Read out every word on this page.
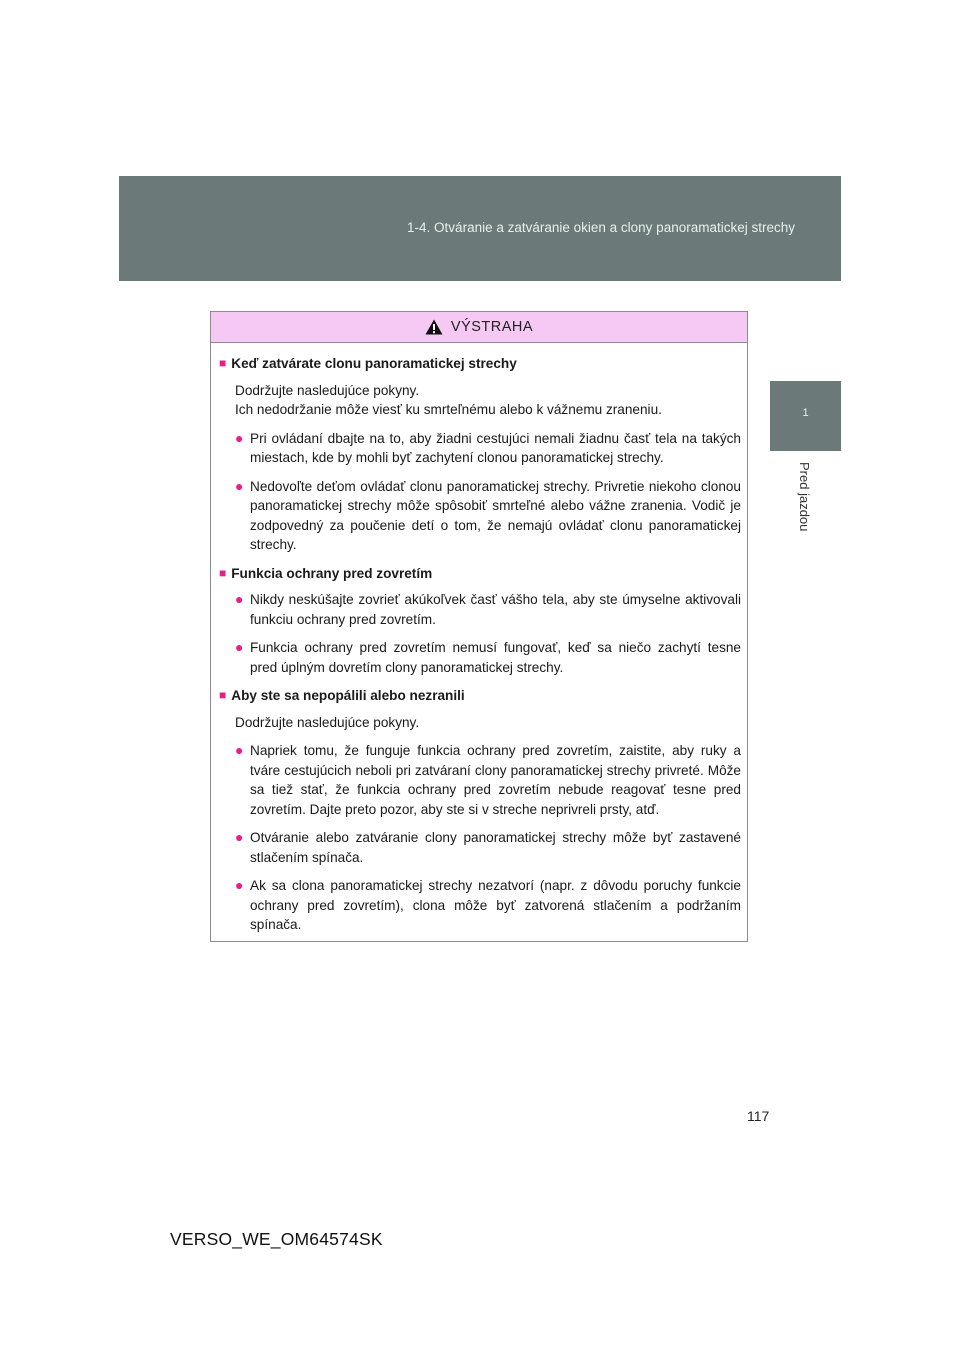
1-4. Otváranie a zatváranie okien a clony panoramatickej strechy
1
Pred jazdou
VÝSTRAHA
■ Keď zatvárate clonu panoramatickej strechy
Dodržujte nasledujúce pokyny.
Ich nedodržanie môže viesť ku smrteľnému alebo k vážnemu zraneniu.
● Pri ovládaní dbajte na to, aby žiadni cestujúci nemali žiadnu časť tela na takých miestach, kde by mohli byť zachytení clonou panoramatickej strechy.
● Nedovoľte deťom ovládať clonu panoramatickej strechy. Privretie niekoho clonou panoramatickej strechy môže spôsobiť smrteľné alebo vážne zranenia. Vodič je zodpovedný za poučenie detí o tom, že nemajú ovládať clonu panoramatickej strechy.
■ Funkcia ochrany pred zovretím
● Nikdy neskúšajte zovrieť akúkoľvek časť vášho tela, aby ste úmyselne aktivovali funkciu ochrany pred zovretím.
● Funkcia ochrany pred zovretím nemusí fungovať, keď sa niečo zachytí tesne pred úplným dovretím clony panoramatickej strechy.
■ Aby ste sa nepopálili alebo nezranili
Dodržujte nasledujúce pokyny.
● Napriek tomu, že funguje funkcia ochrany pred zovretím, zaistite, aby ruky a tváre cestujúcich neboli pri zatváraní clony panoramatickej strechy privreté. Môže sa tiež stať, že funkcia ochrany pred zovretím nebude reagovať tesne pred zovretím. Dajte preto pozor, aby ste si v streche neprivreli prsty, atď.
● Otváranie alebo zatváranie clony panoramatickej strechy môže byť zastavené stlačením spínača.
● Ak sa clona panoramatickej strechy nezatvorí (napr. z dôvodu poruchy funkcie ochrany pred zovretím), clona môže byť zatvorená stlačením a podržaním spínača.
117
VERSO_WE_OM64574SK
